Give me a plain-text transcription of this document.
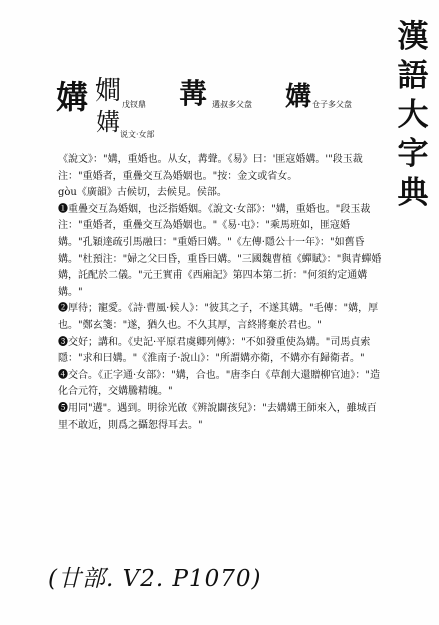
漢
語
大
字
典
媾 𡢃 戊钗鼎
媾 说文·女部
冓 遘叔多父盘 媾 仓子多父盘

《說文》："媾，重婚也。从女，冓聲。《易》曰：'匪寇婚媾。'"段玉裁注："重婚者，重疊交互為婚姻也。"按：金文或省女。

gòu《廣韻》古候切，去候見。侯部。

❶重疊交互為婚姻，也泛指婚姻。《說文·女部》："媾，重婚也。"段玉裁注："重婚者，重疊交互為婚姻也。"《易·屯》："乘馬班如，匪寇婚媾。"孔穎達疏引馬融曰："重婚曰媾。"《左傳·隱公十一年》："如舊昏媾。"杜預注："婦之父曰昏，重昏曰媾。"三國魏曹植《蟬賦》："與青蟬婚媾，託配於二儀。"元王實甫《西廂記》第四本第二折："何須約定通媾媾。"

❷厚待；寵愛。《詩·曹風·候人》："彼其之子，不遂其媾。"毛傳："媾，厚也。"鄭玄箋："遂，猶久也。不久其厚，言終將棄於君也。"

❸交好；講和。《史記·平原君虞卿列傳》："不如發重使為媾。"司馬貞索隱："求和曰媾。"《淮南子·說山》："所謂媾亦衛，不媾亦有歸衛者。"

❹交合。《正字通·女部》："媾，合也。"唐李白《草創大還贈柳官迪》："造化合元符，交媾騰精魄。"

❺用同"遘"。遇到。明徐光啟《辨說闢孩兒》："去媾媾王師來入，雖城百里不敢近，則爲之攝恕得耳去。"

(廿部. V2. P1070)
